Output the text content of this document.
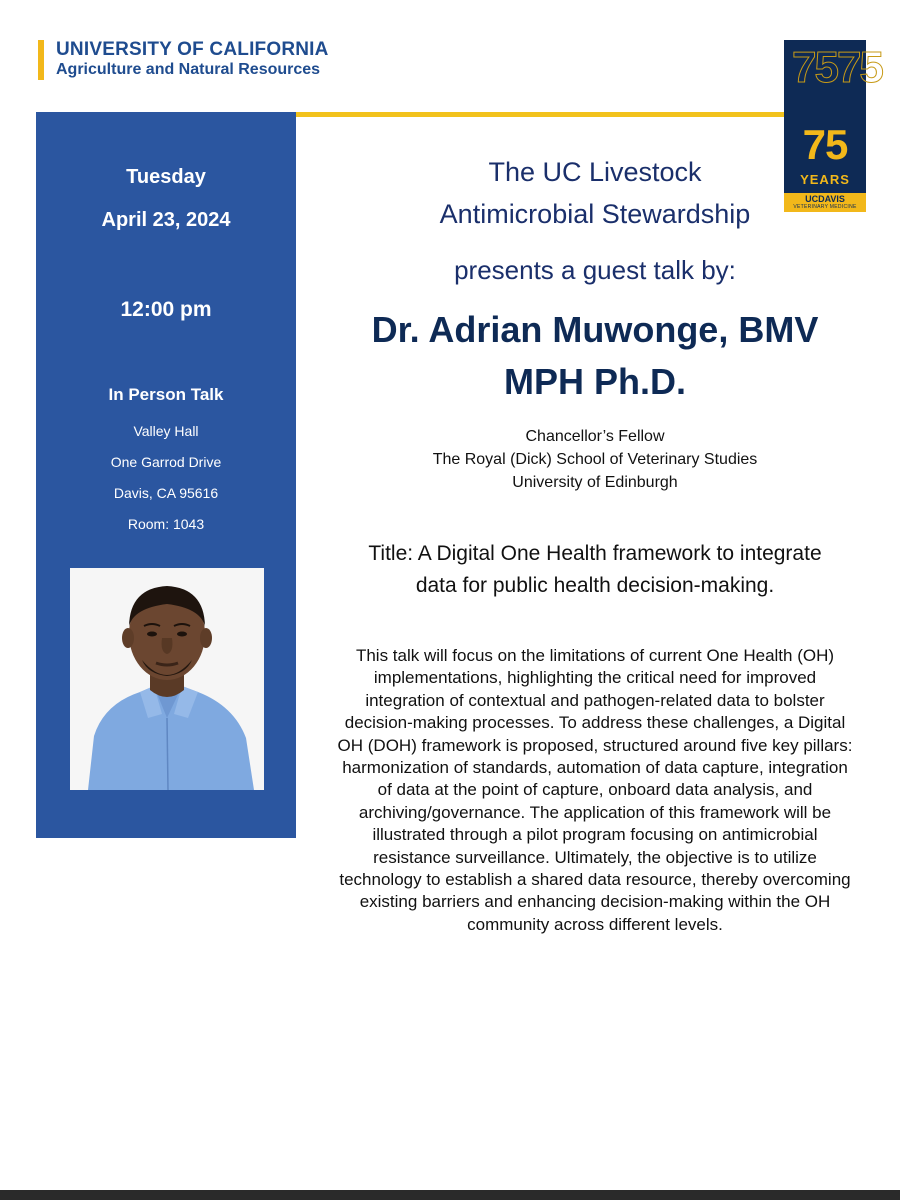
UNIVERSITY OF CALIFORNIA
Agriculture and Natural Resources	7575
75
YEARS
UCDAVIS
VETERINARY MEDICINE
Tuesday
April 23, 2024
12:00 pm
In Person Talk
Valley Hall
One Garrod Drive
Davis, CA 95616
Room: 1043
The UC Livestock
Antimicrobial Stewardship
presents a guest talk by:
Dr. Adrian Muwonge, BMV
MPH Ph.D.
Chancellor’s Fellow
The Royal (Dick) School of Veterinary Studies
University of Edinburgh
Title: A Digital One Health framework to integrate data for public health decision-making.
This talk will focus on the limitations of current One Health (OH) implementations, highlighting the critical need for improved integration of contextual and pathogen-related data to bolster decision-making processes. To address these challenges, a Digital OH (DOH) framework is proposed, structured around five key pillars: harmonization of standards, automation of data capture, integration of data at the point of capture, onboard data analysis, and archiving/governance. The application of this framework will be illustrated through a pilot program focusing on antimicrobial resistance surveillance. Ultimately, the objective is to utilize technology to establish a shared data resource, thereby overcoming existing barriers and enhancing decision-making within the OH community across different levels.
